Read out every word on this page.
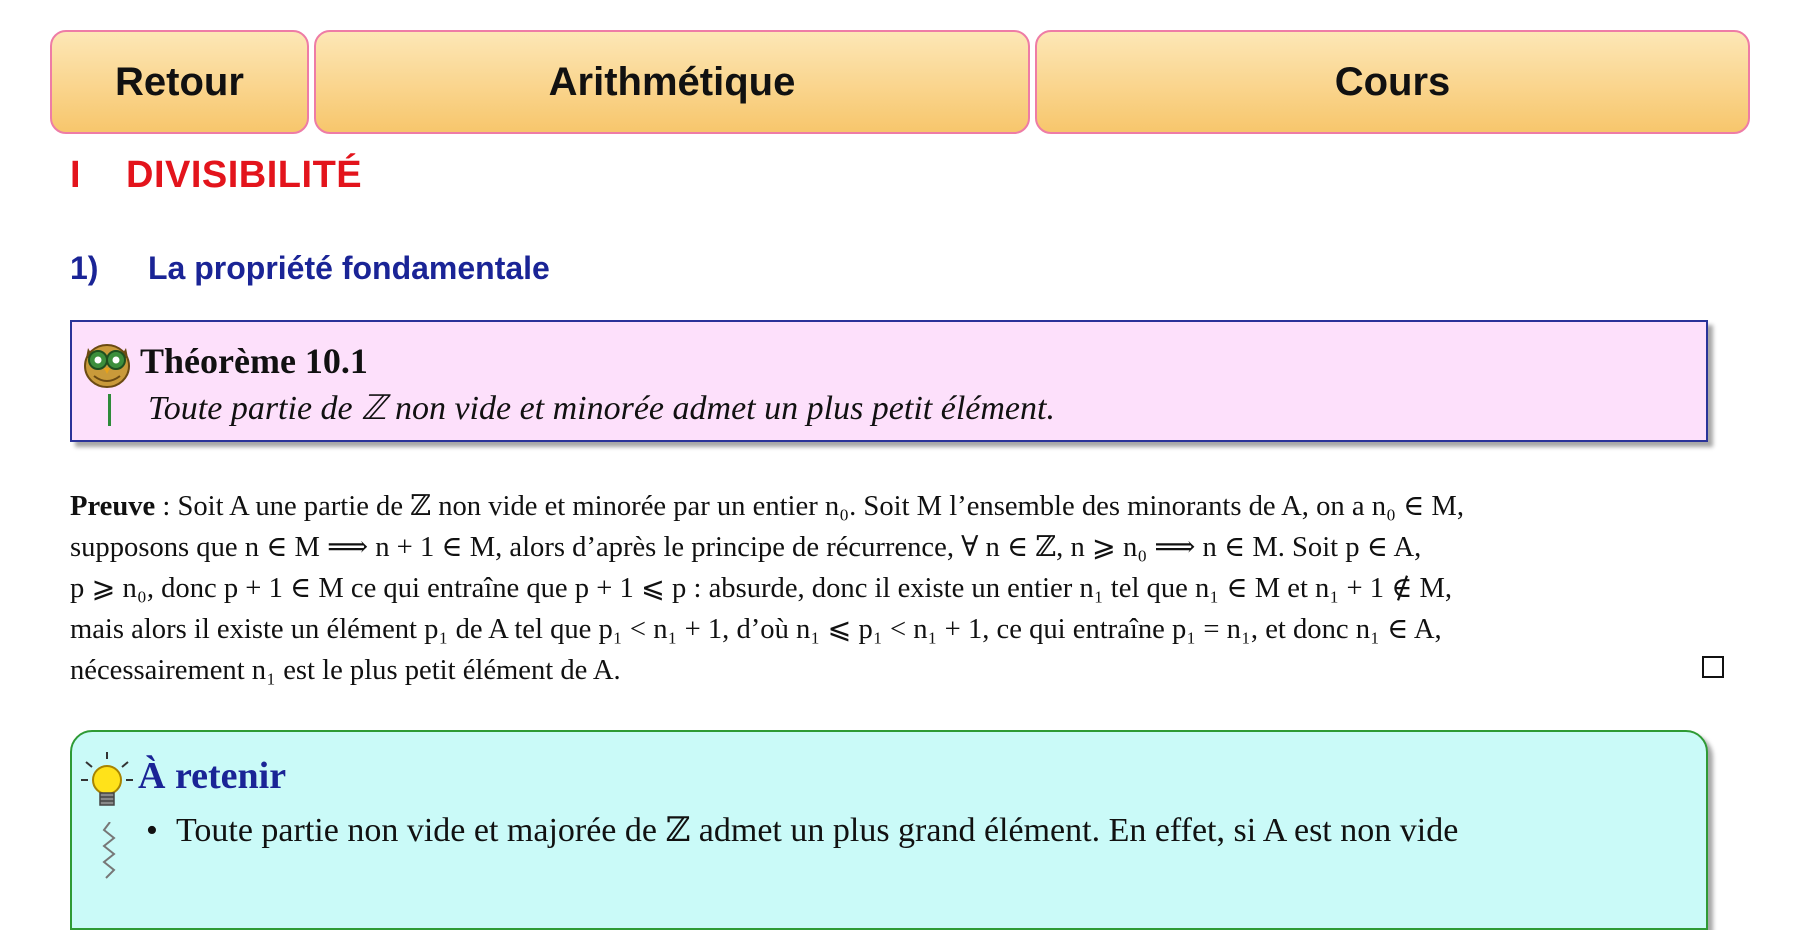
Retour	Arithmétique	Cours
I DIVISIBILITÉ
1) La propriété fondamentale
Théorème 10.1
Toute partie de ℤ non vide et minorée admet un plus petit élément.

Preuve : Soit A une partie de ℤ non vide et minorée par un entier n₀. Soit M l’ensemble des minorants de A, on a n₀ ∈ M,
supposons que n ∈ M ⟹ n + 1 ∈ M, alors d’après le principe de récurrence, ∀ n ∈ ℤ, n ⩾ n₀ ⟹ n ∈ M. Soit p ∈ A,
p ⩾ n₀, donc p + 1 ∈ M ce qui entraîne que p + 1 ⩽ p : absurde, donc il existe un entier n₁ tel que n₁ ∈ M et n₁ + 1 ∉ M,
mais alors il existe un élément p₁ de A tel que p₁ < n₁ + 1, d’où n₁ ⩽ p₁ < n₁ + 1, ce qui entraîne p₁ = n₁, et donc n₁ ∈ A,
nécessairement n₁ est le plus petit élément de A.

À retenir
• Toute partie non vide et majorée de ℤ admet un plus grand élément. En effet, si A est non vide
